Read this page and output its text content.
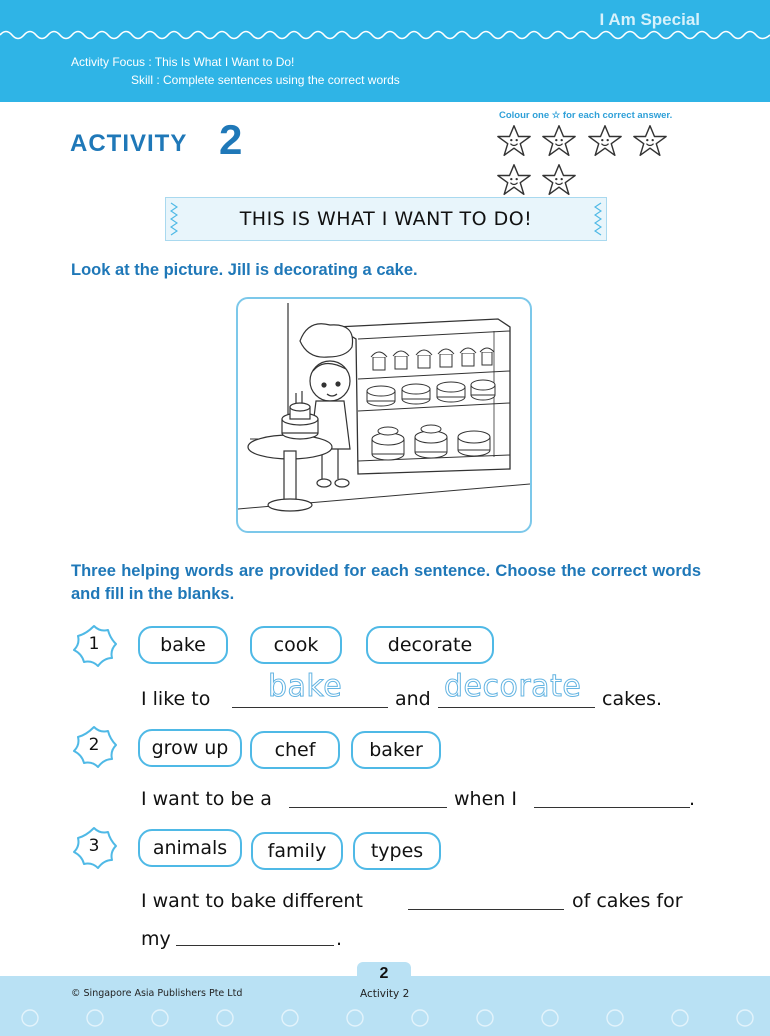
I Am Special
Activity Focus : This Is What I Want to Do!
Skill : Complete sentences using the correct words
ACTIVITY 2
Colour one ☆ for each correct answer.

THIS IS WHAT I WANT TO DO!
Look at the picture. Jill is decorating a cake.
Three helping words are provided for each sentence. Choose the correct words and fill in the blanks.
1	bake	cook	decorate
I like to bake	and decorate cakes.
2	grow up	chef	baker
I want to be a	when I	.
3	animals	family	types
I want to bake different	of cakes for
my	.
2
© Singapore Asia Publishers Pte Ltd	Activity 2
